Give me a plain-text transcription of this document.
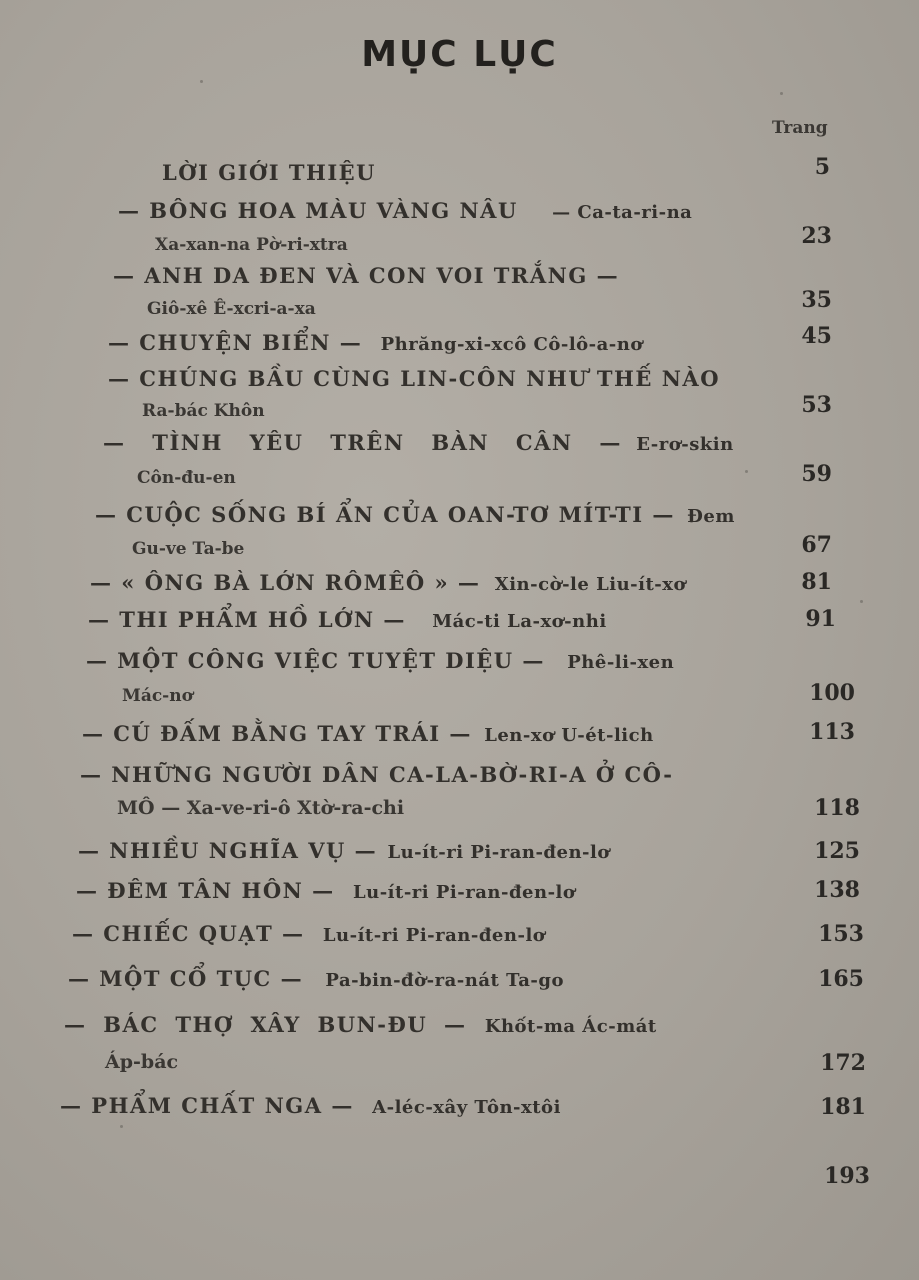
MỤC LỤC
Trang
LỜI GIỚI THIỆU	5
— BÔNG HOA MÀU VÀNG NÂU — Ca-ta-ri-na
Xa-xan-na Pờ-ri-xtra	23
— ANH DA ĐEN VÀ CON VOI TRẮNG —
Giô-xê Ê-xcri-a-xa	35
— CHUYỆN BIỂN — Phrăng-xi-xcô Cô-lô-a-nơ	45
— CHÚNG BẦU CÙNG LIN-CÔN NHƯ THẾ NÀO
Ra-bác Khôn	53
— TÌNH YÊU TRÊN BÀN CÂN — E-rơ-skin
Côn-đu-en	59
— CUỘC SỐNG BÍ ẨN CỦA OAN-TƠ MÍT-TI — Đem
Gu-ve Ta-be	67
— « ÔNG BÀ LỚN RÔMÊÔ » — Xin-cờ-le Liu-ít-xơ	81
— THI PHẨM HỒ LỚN — Mác-ti La-xơ-nhi	91
— MỘT CÔNG VIỆC TUYỆT DIỆU — Phê-li-xen
Mác-nơ	100
— CÚ ĐẤM BẰNG TAY TRÁI — Len-xơ U-ét-lich	113
— NHỮNG NGƯỜI DÂN CA-LA-BỜ-RI-A Ở CÔ-
MÔ — Xa-ve-ri-ô Xtờ-ra-chi	118
— NHIỀU NGHĨA VỤ — Lu-ít-ri Pi-ran-đen-lơ	125
— ĐÊM TÂN HÔN — Lu-ít-ri Pi-ran-đen-lơ	138
— CHIẾC QUẠT — Lu-ít-ri Pi-ran-đen-lơ	153
— MỘT CỔ TỤC — Pa-bin-đờ-ra-nát Ta-go	165
— BÁC THỢ XÂY BUN-ĐU — Khốt-ma Ác-mát
Áp-bác	172
— PHẨM CHẤT NGA — A-léc-xây Tôn-xtôi	181
193
